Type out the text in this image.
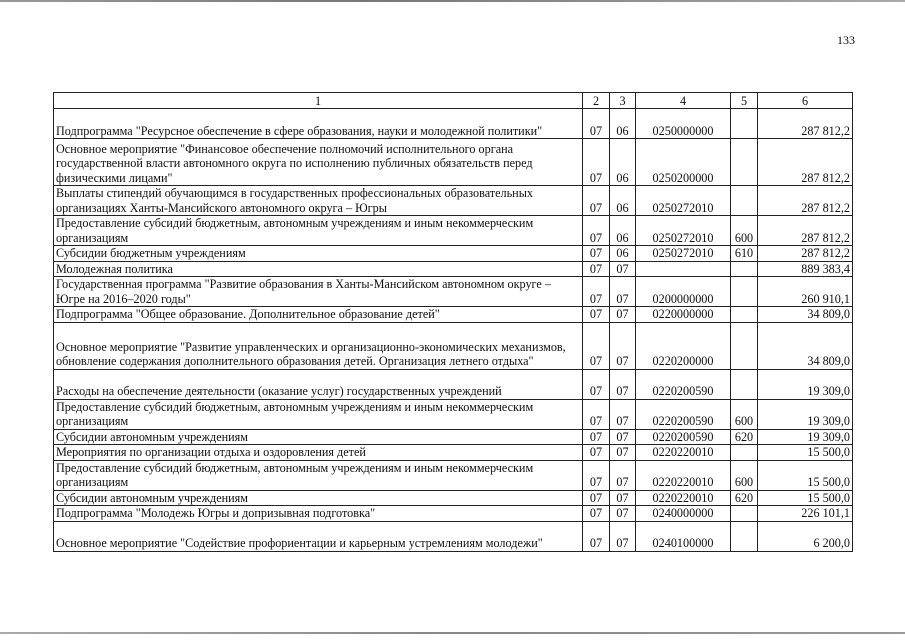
133
1	2	3	4	5	6
Подпрограмма "Ресурсное обеспечение в сфере образования, науки и молодежной политики"	07	06	0250000000		287 812,2
Основное мероприятие "Финансовое обеспечение полномочий исполнительного органа государственной власти автономного округа по исполнению публичных обязательств перед физическими лицами"	07	06	0250200000		287 812,2
Выплаты стипендий обучающимся в государственных профессиональных образовательных организациях Ханты-Мансийского автономного округа – Югры	07	06	0250272010		287 812,2
Предоставление субсидий бюджетным, автономным учреждениям и иным некоммерческим организациям	07	06	0250272010	600	287 812,2
Субсидии бюджетным учреждениям	07	06	0250272010	610	287 812,2
Молодежная политика	07	07			889 383,4
Государственная программа "Развитие образования в Ханты-Мансийском автономном округе – Югре на 2016–2020 годы"	07	07	0200000000		260 910,1
Подпрограмма "Общее образование. Дополнительное образование детей"	07	07	0220000000		34 809,0
Основное мероприятие "Развитие управленческих и организационно-экономических механизмов, обновление содержания дополнительного образования детей. Организация летнего отдыха"	07	07	0220200000		34 809,0
Расходы на обеспечение деятельности (оказание услуг) государственных учреждений	07	07	0220200590		19 309,0
Предоставление субсидий бюджетным, автономным учреждениям и иным некоммерческим организациям	07	07	0220200590	600	19 309,0
Субсидии автономным учреждениям	07	07	0220200590	620	19 309,0
Мероприятия по организации отдыха и оздоровления детей	07	07	0220220010		15 500,0
Предоставление субсидий бюджетным, автономным учреждениям и иным некоммерческим организациям	07	07	0220220010	600	15 500,0
Субсидии автономным учреждениям	07	07	0220220010	620	15 500,0
Подпрограмма "Молодежь Югры и допризывная подготовка"	07	07	0240000000		226 101,1
Основное мероприятие "Содействие профориентации и карьерным устремлениям молодежи"	07	07	0240100000		6 200,0
